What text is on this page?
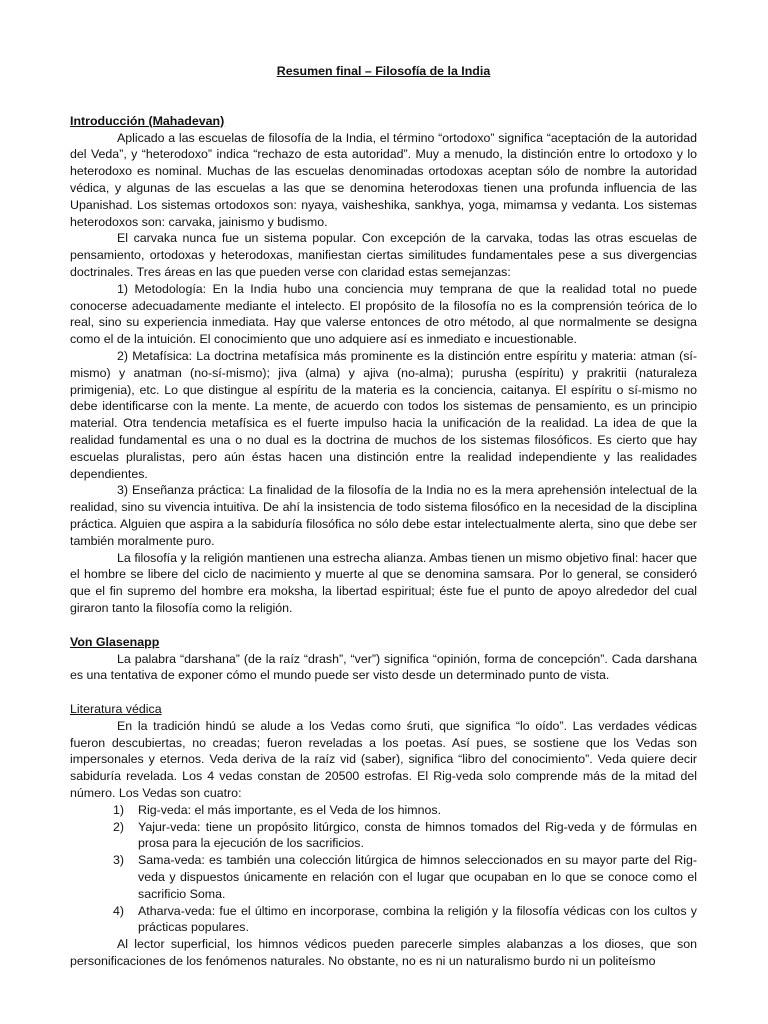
Resumen final – Filosofía de la India

Introducción (Mahadevan)

Aplicado a las escuelas de filosofía de la India, el término “ortodoxo” significa “aceptación de la autoridad del Veda”, y “heterodoxo” indica “rechazo de esta autoridad”. Muy a menudo, la distinción entre lo ortodoxo y lo heterodoxo es nominal. Muchas de las escuelas denominadas ortodoxas aceptan sólo de nombre la autoridad védica, y algunas de las escuelas a las que se denomina heterodoxas tienen una profunda influencia de las Upanishad. Los sistemas ortodoxos son: nyaya, vaisheshika, sankhya, yoga, mimamsa y vedanta. Los sistemas heterodoxos son: carvaka, jainismo y budismo.

El carvaka nunca fue un sistema popular. Con excepción de la carvaka, todas las otras escuelas de pensamiento, ortodoxas y heterodoxas, manifiestan ciertas similitudes fundamentales pese a sus divergencias doctrinales. Tres áreas en las que pueden verse con claridad estas semejanzas:

1) Metodología: En la India hubo una conciencia muy temprana de que la realidad total no puede conocerse adecuadamente mediante el intelecto. El propósito de la filosofía no es la comprensión teórica de lo real, sino su experiencia inmediata. Hay que valerse entonces de otro método, al que normalmente se designa como el de la intuición. El conocimiento que uno adquiere así es inmediato e incuestionable.

2) Metafísica: La doctrina metafísica más prominente es la distinción entre espíritu y materia: atman (sí-mismo) y anatman (no-sí-mismo); jiva (alma) y ajiva (no-alma); purusha (espíritu) y prakritii (naturaleza primigenia), etc. Lo que distingue al espíritu de la materia es la conciencia, caitanya. El espíritu o sí-mismo no debe identificarse con la mente. La mente, de acuerdo con todos los sistemas de pensamiento, es un principio material. Otra tendencia metafísica es el fuerte impulso hacia la unificación de la realidad. La idea de que la realidad fundamental es una o no dual es la doctrina de muchos de los sistemas filosóficos. Es cierto que hay escuelas pluralistas, pero aún éstas hacen una distinción entre la realidad independiente y las realidades dependientes.

3) Enseñanza práctica: La finalidad de la filosofía de la India no es la mera aprehensión intelectual de la realidad, sino su vivencia intuitiva. De ahí la insistencia de todo sistema filosófico en la necesidad de la disciplina práctica. Alguien que aspira a la sabiduría filosófica no sólo debe estar intelectualmente alerta, sino que debe ser también moralmente puro.

La filosofía y la religión mantienen una estrecha alianza. Ambas tienen un mismo objetivo final: hacer que el hombre se libere del ciclo de nacimiento y muerte al que se denomina samsara. Por lo general, se consideró que el fin supremo del hombre era moksha, la libertad espiritual; éste fue el punto de apoyo alrededor del cual giraron tanto la filosofía como la religión.

Von Glasenapp

La palabra “darshana” (de la raíz “drash”, “ver”) significa “opinión, forma de concepción”. Cada darshana es una tentativa de exponer cómo el mundo puede ser visto desde un determinado punto de vista.

Literatura védica

En la tradición hindú se alude a los Vedas como śruti, que significa “lo oído”. Las verdades védicas fueron descubiertas, no creadas; fueron reveladas a los poetas. Así pues, se sostiene que los Vedas son impersonales y eternos. Veda deriva de la raíz vid (saber), significa “libro del conocimiento”. Veda quiere decir sabiduría revelada. Los 4 vedas constan de 20500 estrofas. El Rig-veda solo comprende más de la mitad del número. Los Vedas son cuatro:

1) Rig-veda: el más importante, es el Veda de los himnos.
2) Yajur-veda: tiene un propósito litúrgico, consta de himnos tomados del Rig-veda y de fórmulas en prosa para la ejecución de los sacrificios.
3) Sama-veda: es también una colección litúrgica de himnos seleccionados en su mayor parte del Rig-veda y dispuestos únicamente en relación con el lugar que ocupaban en lo que se conoce como el sacrificio Soma.
4) Atharva-veda: fue el último en incorporase, combina la religión y la filosofía védicas con los cultos y prácticas populares.

Al lector superficial, los himnos védicos pueden parecerle simples alabanzas a los dioses, que son personificaciones de los fenómenos naturales. No obstante, no es ni un naturalismo burdo ni un politeísmo
